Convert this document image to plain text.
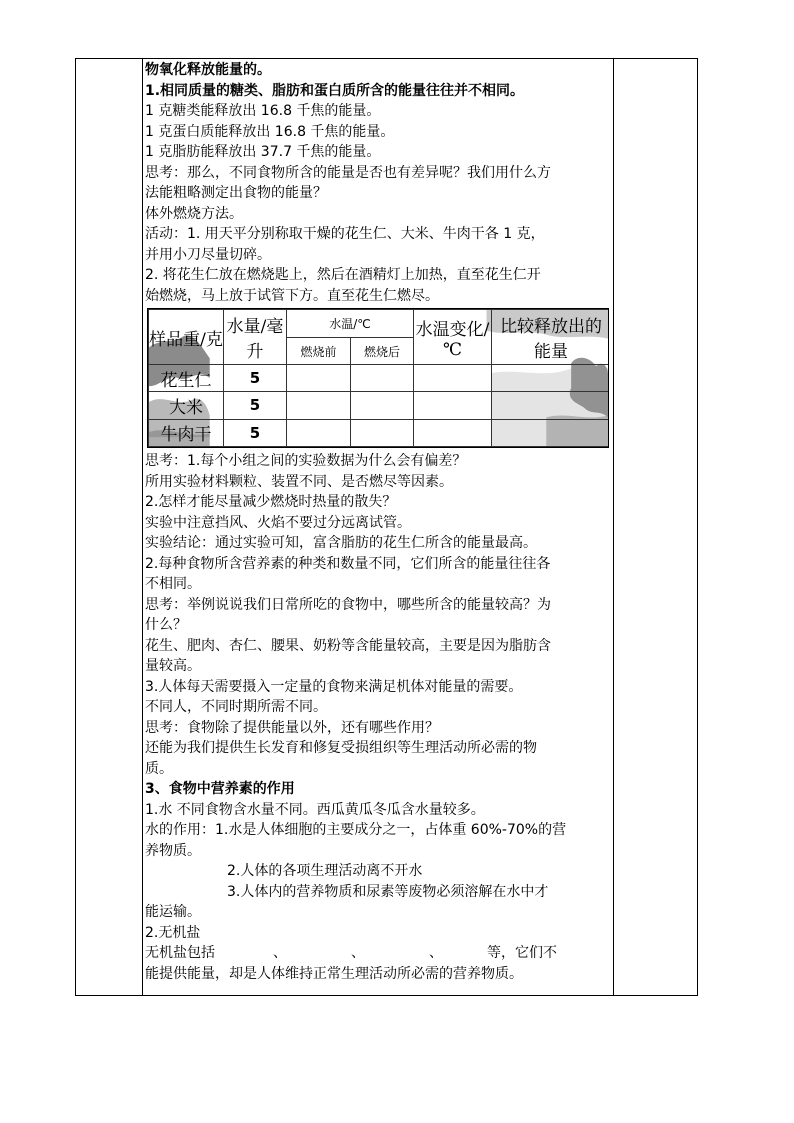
物氧化释放能量的。

1.相同质量的糖类、脂肪和蛋白质所含的能量往往并不相同。

1 克糖类能释放出 16.8 千焦的能量。

1 克蛋白质能释放出 16.8 千焦的能量。

1 克脂肪能释放出 37.7 千焦的能量。

思考：那么，不同食物所含的能量是否也有差异呢？我们用什么方

法能粗略测定出食物的能量？

体外燃烧方法。

活动：1. 用天平分别称取干燥的花生仁、大米、牛肉干各 1 克，

并用小刀尽量切碎。

2. 将花生仁放在燃烧匙上，然后在酒精灯上加热，直至花生仁开

始燃烧，马上放于试管下方。直至花生仁燃尽。

样品重/克	水量/毫升	水温/℃		水温变化/℃	比较释放出的能量
		燃烧前	燃烧后		
花生仁	5				
大米	5				
牛肉干	5				

思考：1.每个小组之间的实验数据为什么会有偏差？

所用实验材料颗粒、装置不同、是否燃尽等因素。

2.怎样才能尽量减少燃烧时热量的散失？

实验中注意挡风、火焰不要过分远离试管。

实验结论：通过实验可知，富含脂肪的花生仁所含的能量最高。

2.每种食物所含营养素的种类和数量不同，它们所含的能量往往各

不相同。

思考：举例说说我们日常所吃的食物中，哪些所含的能量较高？为

什么？

花生、肥肉、杏仁、腰果、奶粉等含能量较高，主要是因为脂肪含

量较高。

3.人体每天需要摄入一定量的食物来满足机体对能量的需要。

不同人，不同时期所需不同。

思考：食物除了提供能量以外，还有哪些作用？

还能为我们提供生长发育和修复受损组织等生理活动所必需的物

质。

3、食物中营养素的作用

1.水 不同食物含水量不同。西瓜黄瓜冬瓜含水量较多。

水的作用：1.水是人体细胞的主要成分之一，占体重 60%-70%的营

养物质。

2.人体的各项生理活动离不开水

3.人体内的营养物质和尿素等废物必须溶解在水中才

能运输。

2.无机盐

无机盐包括	、	、	、	等，它们不

能提供能量，却是人体维持正常生理活动所必需的营养物质。
